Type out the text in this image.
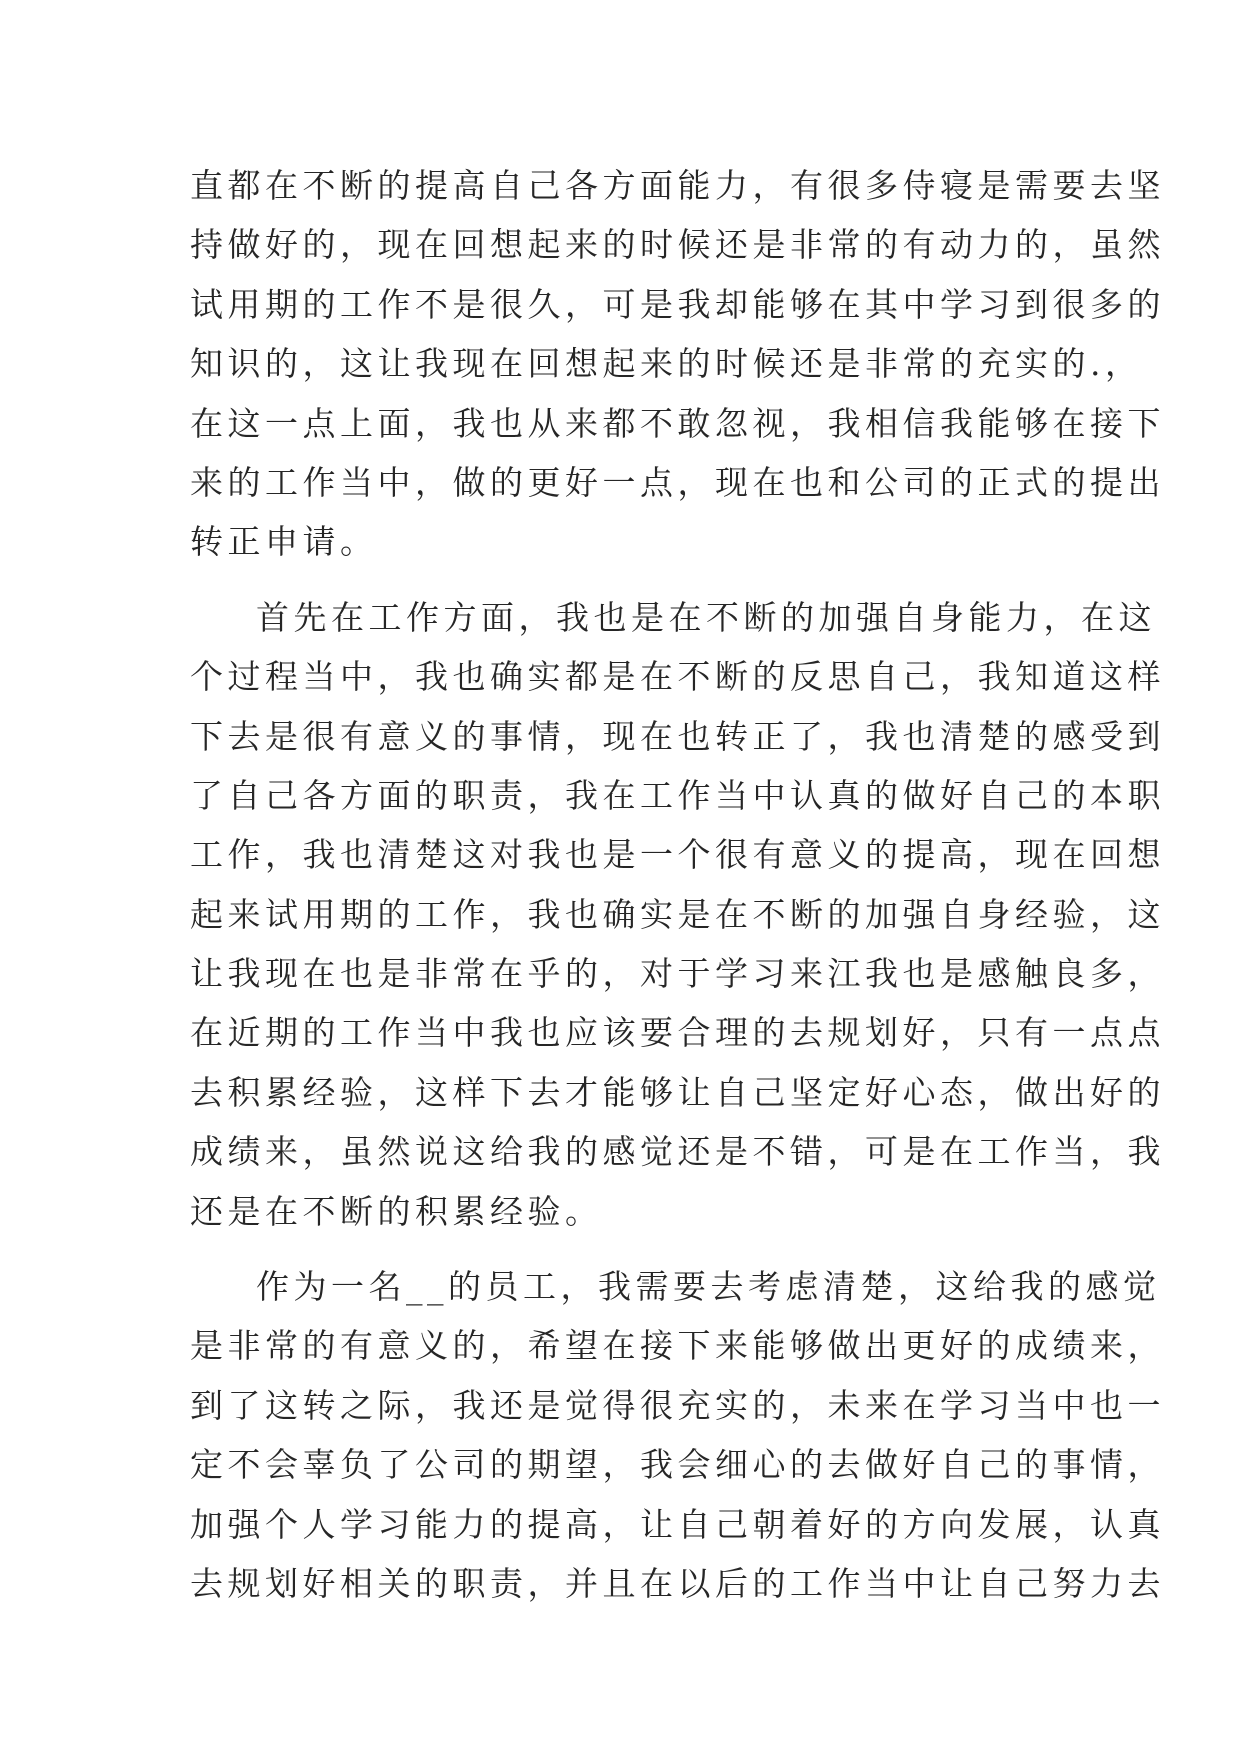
直都在不断的提高自己各方面能力，有很多侍寝是需要去坚
持做好的，现在回想起来的时候还是非常的有动力的，虽然
试用期的工作不是很久，可是我却能够在其中学习到很多的
知识的，这让我现在回想起来的时候还是非常的充实的.，
在这一点上面，我也从来都不敢忽视，我相信我能够在接下
来的工作当中，做的更好一点，现在也和公司的正式的提出
转正申请。
首先在工作方面，我也是在不断的加强自身能力，在这
个过程当中，我也确实都是在不断的反思自己，我知道这样
下去是很有意义的事情，现在也转正了，我也清楚的感受到
了自己各方面的职责，我在工作当中认真的做好自己的本职
工作，我也清楚这对我也是一个很有意义的提高，现在回想
起来试用期的工作，我也确实是在不断的加强自身经验，这
让我现在也是非常在乎的，对于学习来江我也是感触良多，
在近期的工作当中我也应该要合理的去规划好，只有一点点
去积累经验，这样下去才能够让自己坚定好心态，做出好的
成绩来，虽然说这给我的感觉还是不错，可是在工作当，我
还是在不断的积累经验。
作为一名__的员工，我需要去考虑清楚，这给我的感觉
是非常的有意义的，希望在接下来能够做出更好的成绩来，
到了这转之际，我还是觉得很充实的，未来在学习当中也一
定不会辜负了公司的期望，我会细心的去做好自己的事情，
加强个人学习能力的提高，让自己朝着好的方向发展，认真
去规划好相关的职责，并且在以后的工作当中让自己努力去
